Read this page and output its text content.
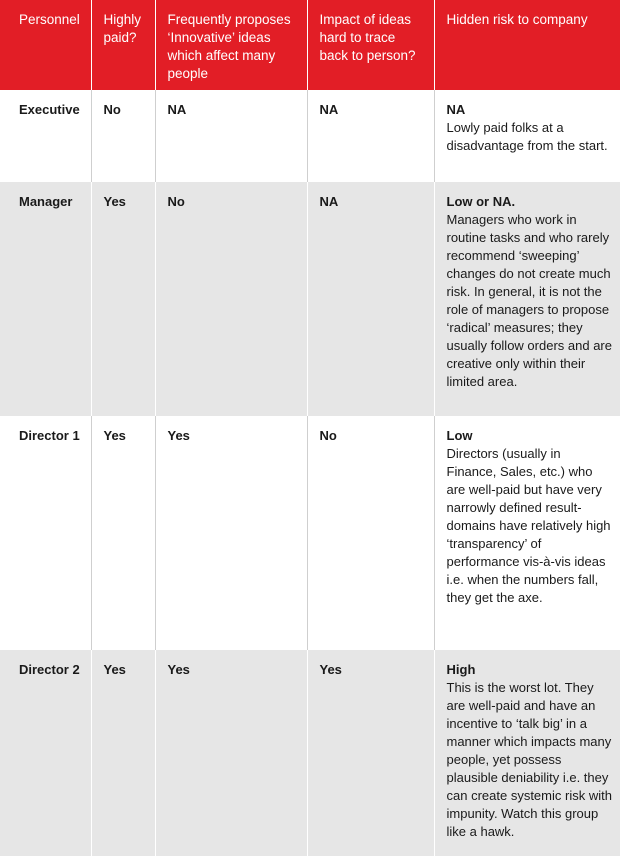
Personnel	Highly paid?	Frequently proposes ‘Innovative’ ideas which affect many people	Impact of ideas hard to trace back to person?	Hidden risk to company
Executive	No	NA	NA	NA
Lowly paid folks at a disadvantage from the start.

Manager	Yes	No	NA	Low or NA.
Managers who work in routine tasks and who rarely recommend ‘sweeping’ changes do not create much risk. In general, it is not the role of managers to propose ‘radical’ measures; they usually follow orders and are creative only within their limited area.

Director 1	Yes	Yes	No	Low
Directors (usually in Finance, Sales, etc.) who are well-paid but have very narrowly defined result-domains have relatively high ‘transparency’ of performance vis-à-vis ideas i.e. when the numbers fall, they get the axe.

Director 2	Yes	Yes	Yes	High
This is the worst lot. They are well-paid and have an incentive to ‘talk big’ in a manner which impacts many people, yet possess plausible deniability i.e. they can create systemic risk with impunity. Watch this group like a hawk.
